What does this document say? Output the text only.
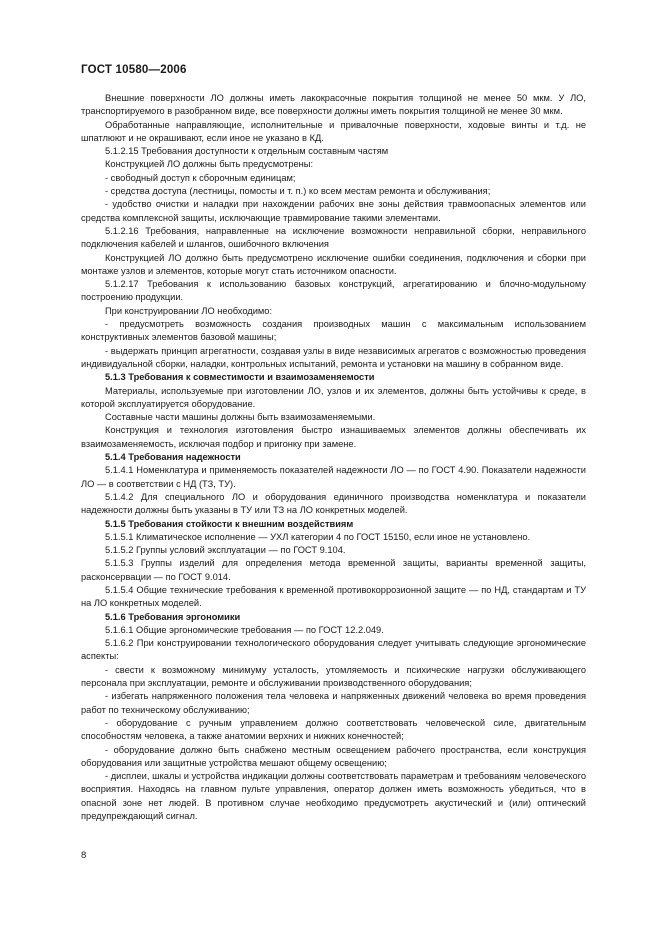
ГОСТ 10580—2006

Внешние поверхности ЛО должны иметь лакокрасочные покрытия толщиной не менее 50 мкм. У ЛО, транспортируемого в разобранном виде, все поверхности должны иметь покрытия толщиной не менее 30 мкм.

Обработанные направляющие, исполнительные и привалочные поверхности, ходовые винты и т.д. не шпатлюют и не окрашивают, если иное не указано в КД.

5.1.2.15 Требования доступности к отдельным составным частям

Конструкцией ЛО должны быть предусмотрены:

- свободный доступ к сборочным единицам;

- средства доступа (лестницы, помосты и т. п.) ко всем местам ремонта и обслуживания;

- удобство очистки и наладки при нахождении рабочих вне зоны действия травмоопасных элементов или средства комплексной защиты, исключающие травмирование такими элементами.

5.1.2.16 Требования, направленные на исключение возможности неправильной сборки, неправильного подключения кабелей и шлангов, ошибочного включения

Конструкцией ЛО должно быть предусмотрено исключение ошибки соединения, подключения и сборки при монтаже узлов и элементов, которые могут стать источником опасности.

5.1.2.17 Требования к использованию базовых конструкций, агрегатированию и блочно-модульному построению продукции.

При конструировании ЛО необходимо:

- предусмотреть возможность создания производных машин с максимальным использованием конструктивных элементов базовой машины;

- выдержать принцип агрегатности, создавая узлы в виде независимых агрегатов с возможностью проведения индивидуальной сборки, наладки, контрольных испытаний, ремонта и установки на машину в собранном виде.

5.1.3 Требования к совместимости и взаимозаменяемости

Материалы, используемые при изготовлении ЛО, узлов и их элементов, должны быть устойчивы к среде, в которой эксплуатируется оборудование.

Составные части машины должны быть взаимозаменяемыми.

Конструкция и технология изготовления быстро изнашиваемых элементов должны обеспечивать их взаимозаменяемость, исключая подбор и пригонку при замене.

5.1.4 Требования надежности

5.1.4.1 Номенклатура и применяемость показателей надежности ЛО — по ГОСТ 4.90. Показатели надежности ЛО — в соответствии с НД (ТЗ, ТУ).

5.1.4.2 Для специального ЛО и оборудования единичного производства номенклатура и показатели надежности должны быть указаны в ТУ или ТЗ на ЛО конкретных моделей.

5.1.5 Требования стойкости к внешним воздействиям

5.1.5.1 Климатическое исполнение — УХЛ категории 4 по ГОСТ 15150, если иное не установлено.

5.1.5.2 Группы условий эксплуатации — по ГОСТ 9.104.

5.1.5.3 Группы изделий для определения метода временной защиты, варианты временной защиты, расконсервации — по ГОСТ 9.014.

5.1.5.4 Общие технические требования к временной противокоррозионной защите — по НД, стандартам и ТУ на ЛО конкретных моделей.

5.1.6 Требования эргономики

5.1.6.1 Общие эргономические требования — по ГОСТ 12.2.049.

5.1.6.2 При конструировании технологического оборудования следует учитывать следующие эргономические аспекты:

- свести к возможному минимуму усталость, утомляемость и психические нагрузки обслуживающего персонала при эксплуатации, ремонте и обслуживании производственного оборудования;

- избегать напряженного положения тела человека и напряженных движений человека во время проведения работ по техническому обслуживанию;

- оборудование с ручным управлением должно соответствовать человеческой силе, двигательным способностям человека, а также анатомии верхних и нижних конечностей;

- оборудование должно быть снабжено местным освещением рабочего пространства, если конструкция оборудования или защитные устройства мешают общему освещению;

- дисплеи, шкалы и устройства индикации должны соответствовать параметрам и требованиям человеческого восприятия. Находясь на главном пульте управления, оператор должен иметь возможность убедиться, что в опасной зоне нет людей. В противном случае необходимо предусмотреть акустический и (или) оптический предупреждающий сигнал.

8
